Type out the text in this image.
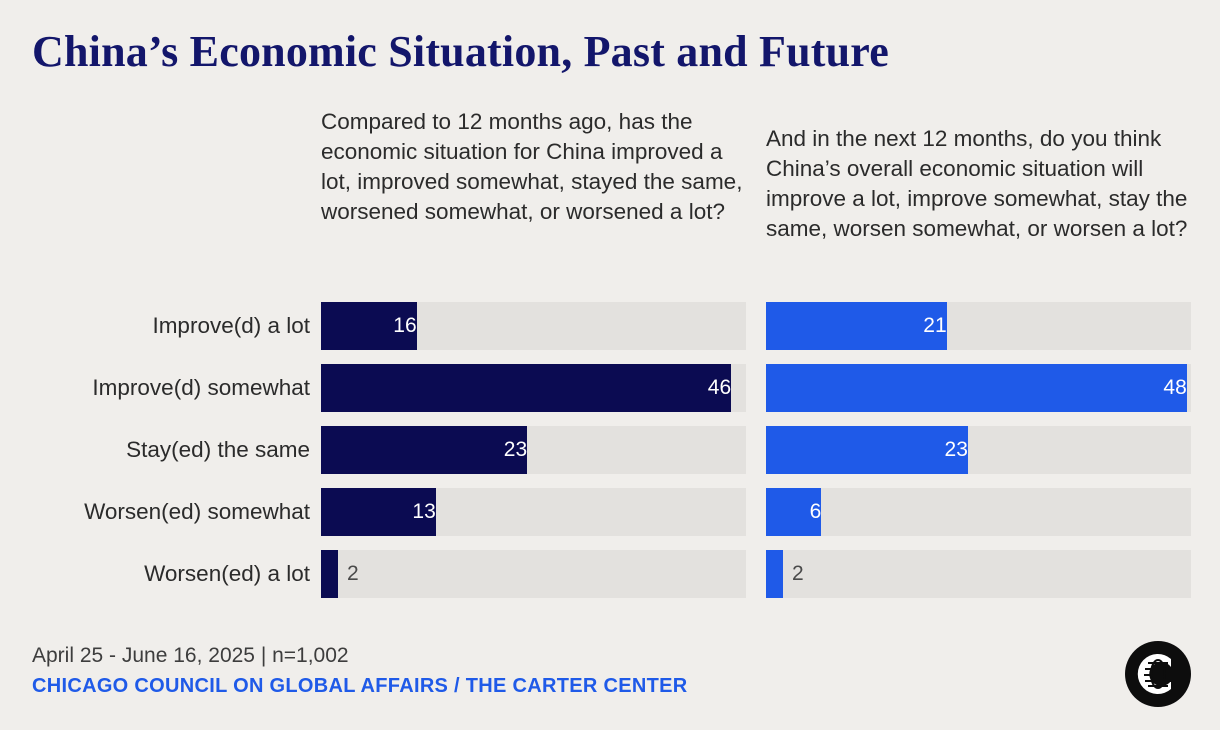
China’s Economic Situation, Past and Future
Compared to 12 months ago, has the economic situation for China improved a lot, improved somewhat, stayed the same, worsened somewhat, or worsened a lot?
And in the next 12 months, do you think China’s overall economic situation will improve a lot, improve somewhat, stay the same, worsen somewhat, or worsen a lot?
Improve(d) a lot	16	21
Improve(d) somewhat	46	48
Stay(ed) the same	23	23
Worsen(ed) somewhat	13	6
Worsen(ed) a lot	2	2
April 25 - June 16, 2025 | n=1,002
CHICAGO COUNCIL ON GLOBAL AFFAIRS / THE CARTER CENTER
